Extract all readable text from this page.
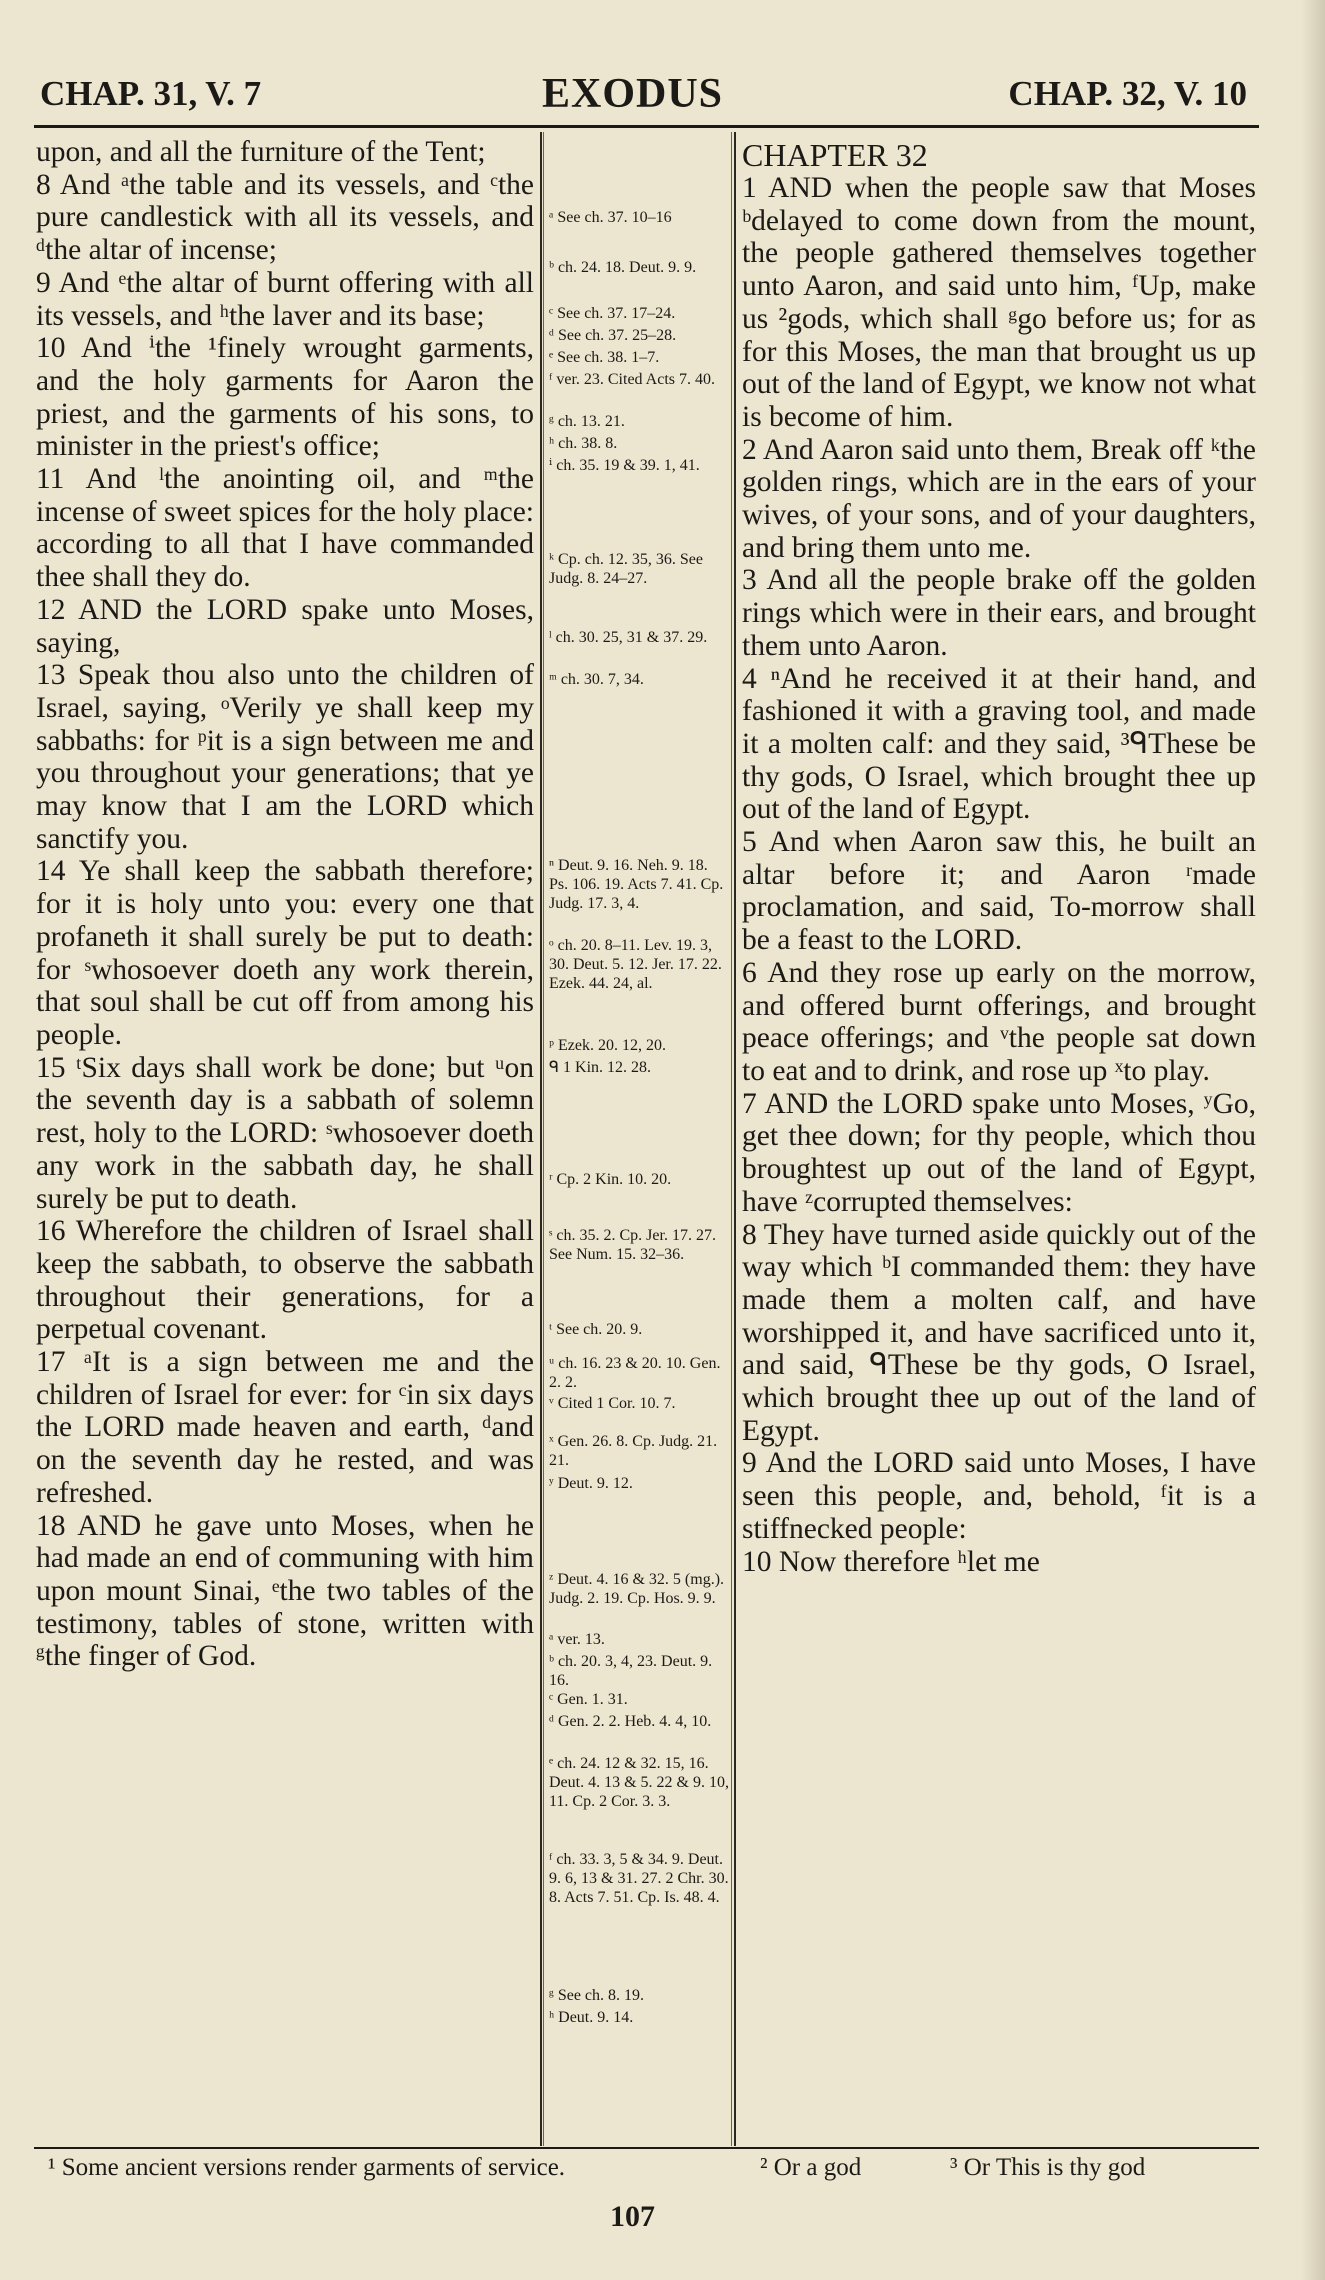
CHAP. 31, V. 7	EXODUS	CHAP. 32, V. 10

upon, and all the furniture of the Tent;

8 And ᵃthe table and its vessels, and ᶜthe pure candlestick with all its vessels, and ᵈthe altar of incense;

9 And ᵉthe altar of burnt offering with all its vessels, and ʰthe laver and its base;

10 And ⁱthe ¹finely wrought garments, and the holy garments for Aaron the priest, and the garments of his sons, to minister in the priest's office;

11 And ˡthe anointing oil, and ᵐthe incense of sweet spices for the holy place: according to all that I have commanded thee shall they do.

12 AND the LORD spake unto Moses, saying,

13 Speak thou also unto the children of Israel, saying, ᵒVerily ye shall keep my sabbaths: for ᵖit is a sign between me and you throughout your generations; that ye may know that I am the LORD which sanctify you.

14 Ye shall keep the sabbath therefore; for it is holy unto you: every one that profaneth it shall surely be put to death: for ˢwhosoever doeth any work therein, that soul shall be cut off from among his people.

15 ᵗSix days shall work be done; but ᵘon the seventh day is a sabbath of solemn rest, holy to the LORD: ˢwhosoever doeth any work in the sabbath day, he shall surely be put to death.

16 Wherefore the children of Israel shall keep the sabbath, to observe the sabbath throughout their generations, for a perpetual covenant.

17 ᵃIt is a sign between me and the children of Israel for ever: for ᶜin six days the LORD made heaven and earth, ᵈand on the seventh day he rested, and was refreshed.

18 AND he gave unto Moses, when he had made an end of communing with him upon mount Sinai, ᵉthe two tables of the testimony, tables of stone, written with ᵍthe finger of God.

ᵃ See ch. 37. 10–16
ᵇ ch. 24. 18. Deut. 9. 9.
ᶜ See ch. 37. 17–24.
ᵈ See ch. 37. 25–28.
ᵉ See ch. 38. 1–7.
ᶠ ver. 23. Cited Acts 7. 40.
ᵍ ch. 13. 21.
ʰ ch. 38. 8.
ⁱ ch. 35. 19 & 39. 1, 41.
ᵏ Cp. ch. 12. 35, 36. See Judg. 8. 24–27.
ˡ ch. 30. 25, 31 & 37. 29.
ᵐ ch. 30. 7, 34.
ⁿ Deut. 9. 16. Neh. 9. 18. Ps. 106. 19. Acts 7. 41. Cp. Judg. 17. 3, 4.
ᵒ ch. 20. 8–11. Lev. 19. 3, 30. Deut. 5. 12. Jer. 17. 22. Ezek. 44. 24, al.
ᵖ Ezek. 20. 12, 20.
ᑫ 1 Kin. 12. 28.
ʳ Cp. 2 Kin. 10. 20.
ˢ ch. 35. 2. Cp. Jer. 17. 27. See Num. 15. 32–36.
ᵗ See ch. 20. 9.
ᵘ ch. 16. 23 & 20. 10. Gen. 2. 2.
ᵛ Cited 1 Cor. 10. 7.
ˣ Gen. 26. 8. Cp. Judg. 21. 21.
ʸ Deut. 9. 12.
ᶻ Deut. 4. 16 & 32. 5 (mg.). Judg. 2. 19. Cp. Hos. 9. 9.
ᵃ ver. 13.
ᵇ ch. 20. 3, 4, 23. Deut. 9. 16.
ᶜ Gen. 1. 31.
ᵈ Gen. 2. 2. Heb. 4. 4, 10.
ᵉ ch. 24. 12 & 32. 15, 16. Deut. 4. 13 & 5. 22 & 9. 10, 11. Cp. 2 Cor. 3. 3.
ᶠ ch. 33. 3, 5 & 34. 9. Deut. 9. 6, 13 & 31. 27. 2 Chr. 30. 8. Acts 7. 51. Cp. Is. 48. 4.
ᵍ See ch. 8. 19.
ʰ Deut. 9. 14.

CHAPTER 32

1 AND when the people saw that Moses ᵇdelayed to come down from the mount, the people gathered themselves together unto Aaron, and said unto him, ᶠUp, make us ²gods, which shall ᵍgo before us; for as for this Moses, the man that brought us up out of the land of Egypt, we know not what is become of him.

2 And Aaron said unto them, Break off ᵏthe golden rings, which are in the ears of your wives, of your sons, and of your daughters, and bring them unto me.

3 And all the people brake off the golden rings which were in their ears, and brought them unto Aaron.

4 ⁿAnd he received it at their hand, and fashioned it with a graving tool, and made it a molten calf: and they said, ³ᑫThese be thy gods, O Israel, which brought thee up out of the land of Egypt.

5 And when Aaron saw this, he built an altar before it; and Aaron ʳmade proclamation, and said, To-morrow shall be a feast to the LORD.

6 And they rose up early on the morrow, and offered burnt offerings, and brought peace offerings; and ᵛthe people sat down to eat and to drink, and rose up ˣto play.

7 AND the LORD spake unto Moses, ʸGo, get thee down; for thy people, which thou broughtest up out of the land of Egypt, have ᶻcorrupted themselves:

8 They have turned aside quickly out of the way which ᵇI commanded them: they have made them a molten calf, and have worshipped it, and have sacrificed unto it, and said, ᑫThese be thy gods, O Israel, which brought thee up out of the land of Egypt.

9 And the LORD said unto Moses, I have seen this people, and, behold, ᶠit is a stiffnecked people:

10 Now therefore ʰlet me

¹ Some ancient versions render garments of service.	² Or a god	³ Or This is thy god
107
